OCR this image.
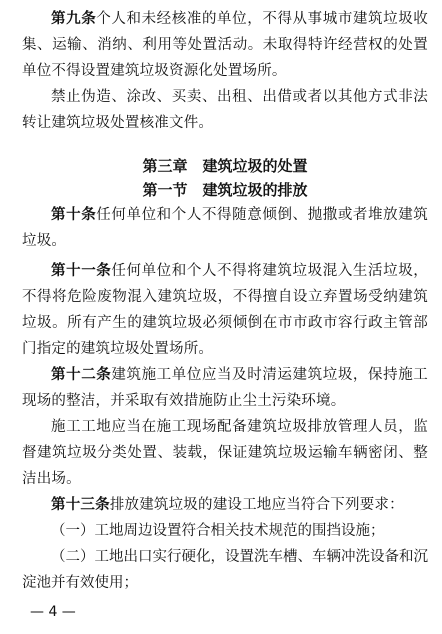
第九条个人和未经核准的单位，不得从事城市建筑垃圾收集、运输、消纳、利用等处置活动。未取得特许经营权的处置单位不得设置建筑垃圾资源化处置场所。

禁止伪造、涂改、买卖、出租、出借或者以其他方式非法转让建筑垃圾处置核准文件。

第三章　建筑垃圾的处置

第一节　建筑垃圾的排放

第十条任何单位和个人不得随意倾倒、抛撒或者堆放建筑垃圾。

第十一条任何单位和个人不得将建筑垃圾混入生活垃圾，不得将危险废物混入建筑垃圾，不得擅自设立弃置场受纳建筑垃圾。所有产生的建筑垃圾必须倾倒在市市政市容行政主管部门指定的建筑垃圾处置场所。

第十二条建筑施工单位应当及时清运建筑垃圾，保持施工现场的整洁，并采取有效措施防止尘土污染环境。

施工工地应当在施工现场配备建筑垃圾排放管理人员，监督建筑垃圾分类处置、装载，保证建筑垃圾运输车辆密闭、整洁出场。

第十三条排放建筑垃圾的建设工地应当符合下列要求：

（一）工地周边设置符合相关技术规范的围挡设施；

（二）工地出口实行硬化，设置洗车槽、车辆冲洗设备和沉淀池并有效使用；

— 4 —
